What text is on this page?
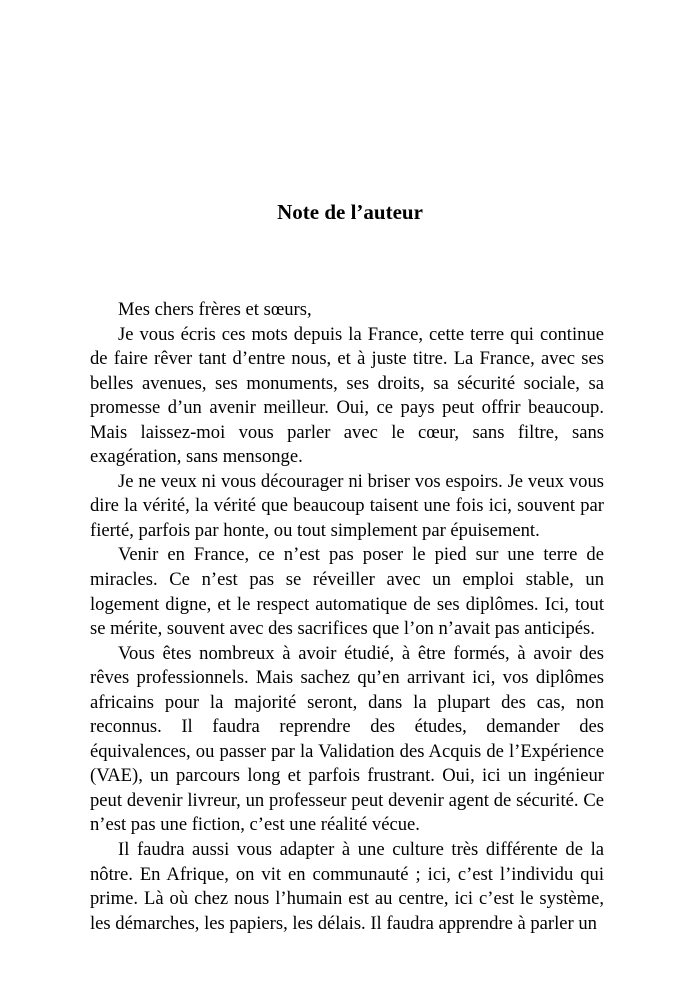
Note de l’auteur

Mes chers frères et sœurs,

Je vous écris ces mots depuis la France, cette terre qui continue de faire rêver tant d’entre nous, et à juste titre. La France, avec ses belles avenues, ses monuments, ses droits, sa sécurité sociale, sa promesse d’un avenir meilleur. Oui, ce pays peut offrir beaucoup. Mais laissez-moi vous parler avec le cœur, sans filtre, sans exagération, sans mensonge.

Je ne veux ni vous décourager ni briser vos espoirs. Je veux vous dire la vérité, la vérité que beaucoup taisent une fois ici, souvent par fierté, parfois par honte, ou tout simplement par épuisement.

Venir en France, ce n’est pas poser le pied sur une terre de miracles. Ce n’est pas se réveiller avec un emploi stable, un logement digne, et le respect automatique de ses diplômes. Ici, tout se mérite, souvent avec des sacrifices que l’on n’avait pas anticipés.

Vous êtes nombreux à avoir étudié, à être formés, à avoir des rêves professionnels. Mais sachez qu’en arrivant ici, vos diplômes africains pour la majorité seront, dans la plupart des cas, non reconnus. Il faudra reprendre des études, demander des équivalences, ou passer par la Validation des Acquis de l’Expérience (VAE), un parcours long et parfois frustrant. Oui, ici un ingénieur peut devenir livreur, un professeur peut devenir agent de sécurité. Ce n’est pas une fiction, c’est une réalité vécue.

Il faudra aussi vous adapter à une culture très différente de la nôtre. En Afrique, on vit en communauté ; ici, c’est l’individu qui prime. Là où chez nous l’humain est au centre, ici c’est le système, les démarches, les papiers, les délais. Il faudra apprendre à parler un
